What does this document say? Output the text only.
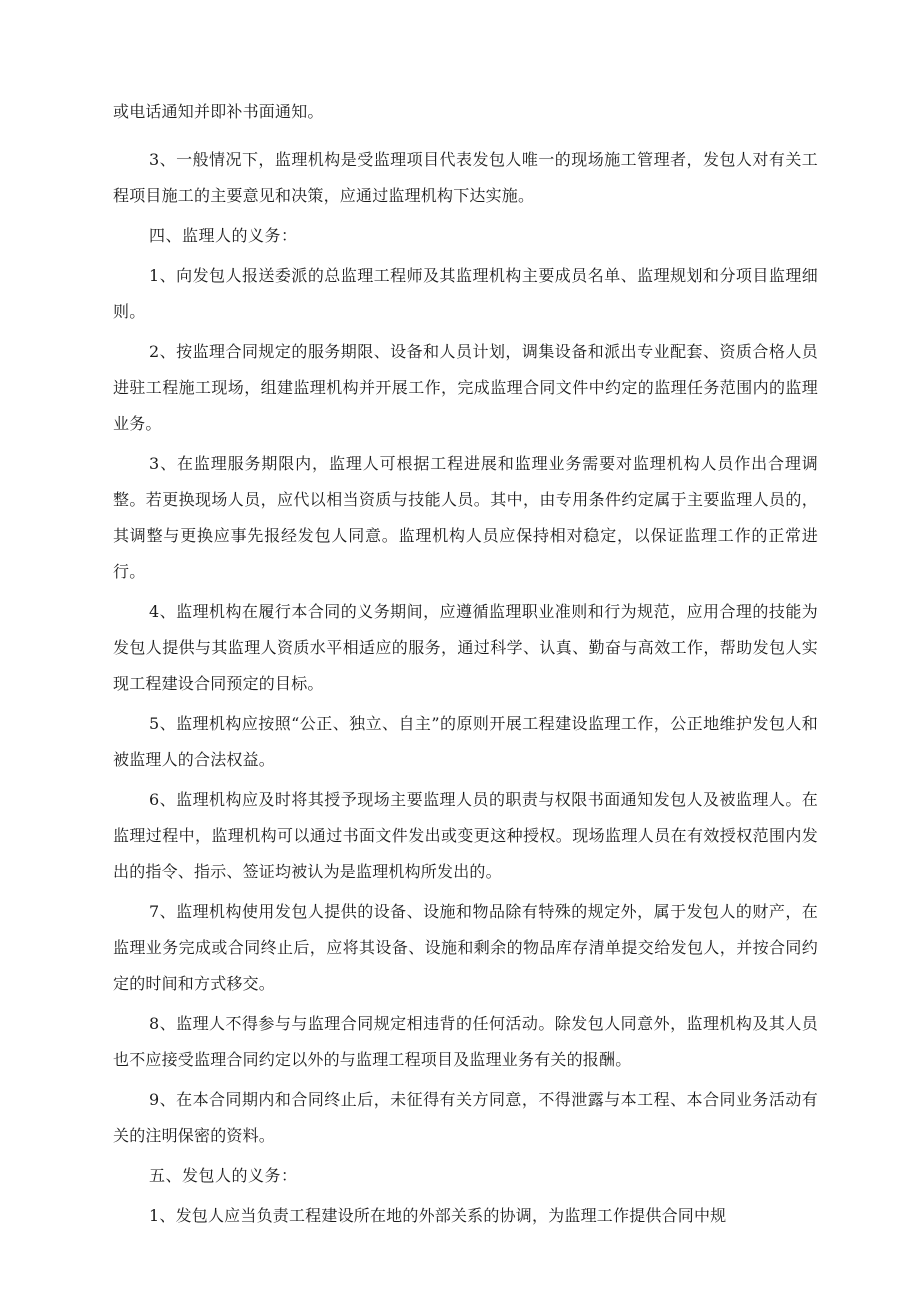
或电话通知并即补书面通知。

3、一般情况下，监理机构是受监理项目代表发包人唯一的现场施工管理者，发包人对有关工程项目施工的主要意见和决策，应通过监理机构下达实施。

四、监理人的义务：

1、向发包人报送委派的总监理工程师及其监理机构主要成员名单、监理规划和分项目监理细则。

2、按监理合同规定的服务期限、设备和人员计划，调集设备和派出专业配套、资质合格人员进驻工程施工现场，组建监理机构并开展工作，完成监理合同文件中约定的监理任务范围内的监理业务。

3、在监理服务期限内，监理人可根据工程进展和监理业务需要对监理机构人员作出合理调整。若更换现场人员，应代以相当资质与技能人员。其中，由专用条件约定属于主要监理人员的，其调整与更换应事先报经发包人同意。监理机构人员应保持相对稳定，以保证监理工作的正常进行。

4、监理机构在履行本合同的义务期间，应遵循监理职业准则和行为规范，应用合理的技能为发包人提供与其监理人资质水平相适应的服务，通过科学、认真、勤奋与高效工作，帮助发包人实现工程建设合同预定的目标。

5、监理机构应按照“公正、独立、自主”的原则开展工程建设监理工作，公正地维护发包人和被监理人的合法权益。

6、监理机构应及时将其授予现场主要监理人员的职责与权限书面通知发包人及被监理人。在监理过程中，监理机构可以通过书面文件发出或变更这种授权。现场监理人员在有效授权范围内发出的指令、指示、签证均被认为是监理机构所发出的。

7、监理机构使用发包人提供的设备、设施和物品除有特殊的规定外，属于发包人的财产，在监理业务完成或合同终止后，应将其设备、设施和剩余的物品库存清单提交给发包人，并按合同约定的时间和方式移交。

8、监理人不得参与与监理合同规定相违背的任何活动。除发包人同意外，监理机构及其人员也不应接受监理合同约定以外的与监理工程项目及监理业务有关的报酬。

9、在本合同期内和合同终止后，未征得有关方同意，不得泄露与本工程、本合同业务活动有关的注明保密的资料。

五、发包人的义务：

1、发包人应当负责工程建设所在地的外部关系的协调，为监理工作提供合同中规
